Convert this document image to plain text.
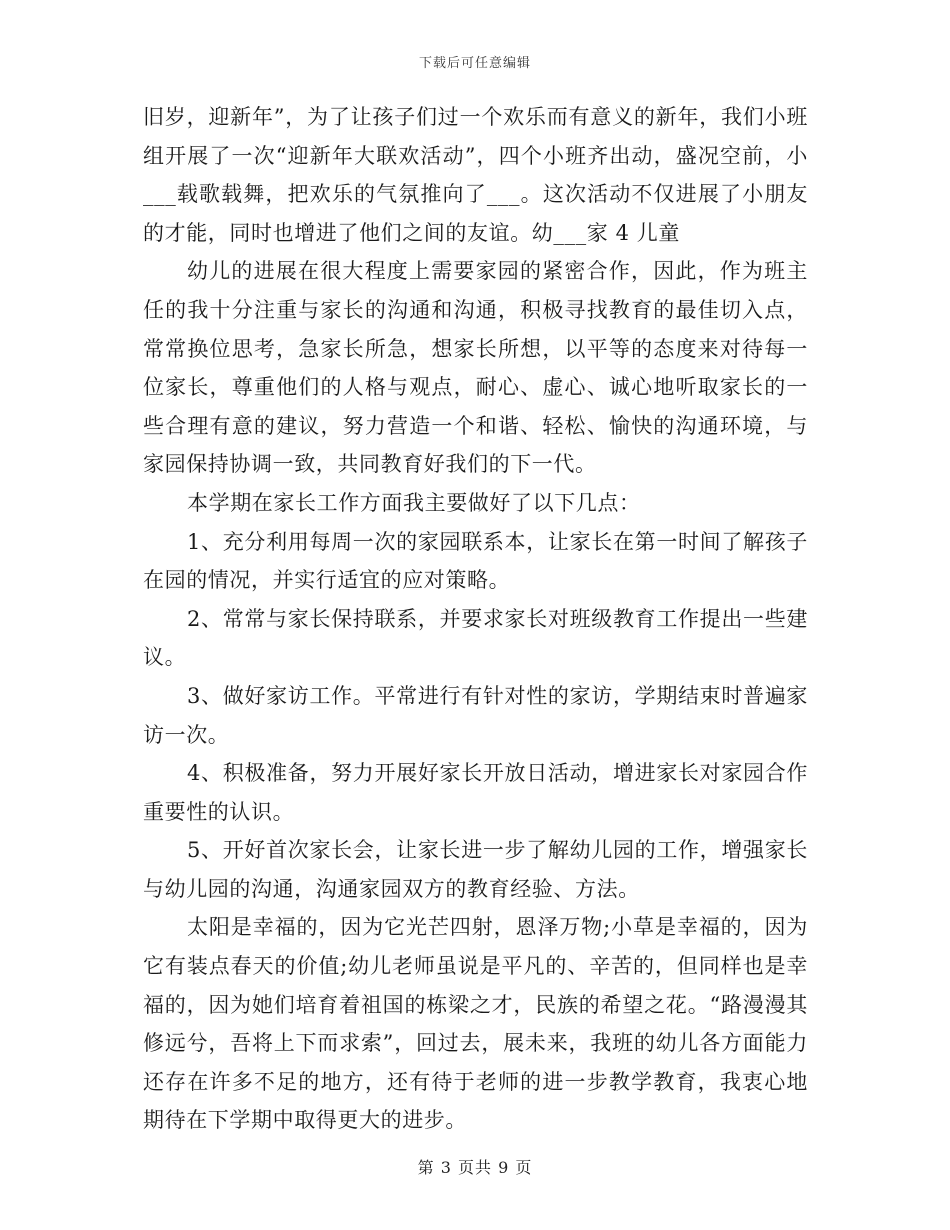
下载后可任意编辑

旧岁，迎新年”，为了让孩子们过一个欢乐而有意义的新年，我们小班组开展了一次“迎新年大联欢活动”，四个小班齐出动，盛况空前，小___载歌载舞，把欢乐的气氛推向了___。这次活动不仅进展了小朋友的才能，同时也增进了他们之间的友谊。幼___家 4 儿童

幼儿的进展在很大程度上需要家园的紧密合作，因此，作为班主任的我十分注重与家长的沟通和沟通，积极寻找教育的最佳切入点，常常换位思考，急家长所急，想家长所想，以平等的态度来对待每一位家长，尊重他们的人格与观点，耐心、虚心、诚心地听取家长的一些合理有意的建议，努力营造一个和谐、轻松、愉快的沟通环境，与家园保持协调一致，共同教育好我们的下一代。

本学期在家长工作方面我主要做好了以下几点：

1、充分利用每周一次的家园联系本，让家长在第一时间了解孩子在园的情况，并实行适宜的应对策略。

2、常常与家长保持联系，并要求家长对班级教育工作提出一些建议。

3、做好家访工作。平常进行有针对性的家访，学期结束时普遍家访一次。

4、积极准备，努力开展好家长开放日活动，增进家长对家园合作重要性的认识。

5、开好首次家长会，让家长进一步了解幼儿园的工作，增强家长与幼儿园的沟通，沟通家园双方的教育经验、方法。

太阳是幸福的，因为它光芒四射，恩泽万物;小草是幸福的，因为它有装点春天的价值;幼儿老师虽说是平凡的、辛苦的，但同样也是幸福的，因为她们培育着祖国的栋梁之才，民族的希望之花。“路漫漫其修远兮，吾将上下而求索”，回过去，展未来，我班的幼儿各方面能力还存在许多不足的地方，还有待于老师的进一步教学教育，我衷心地期待在下学期中取得更大的进步。

第 3 页共 9 页
